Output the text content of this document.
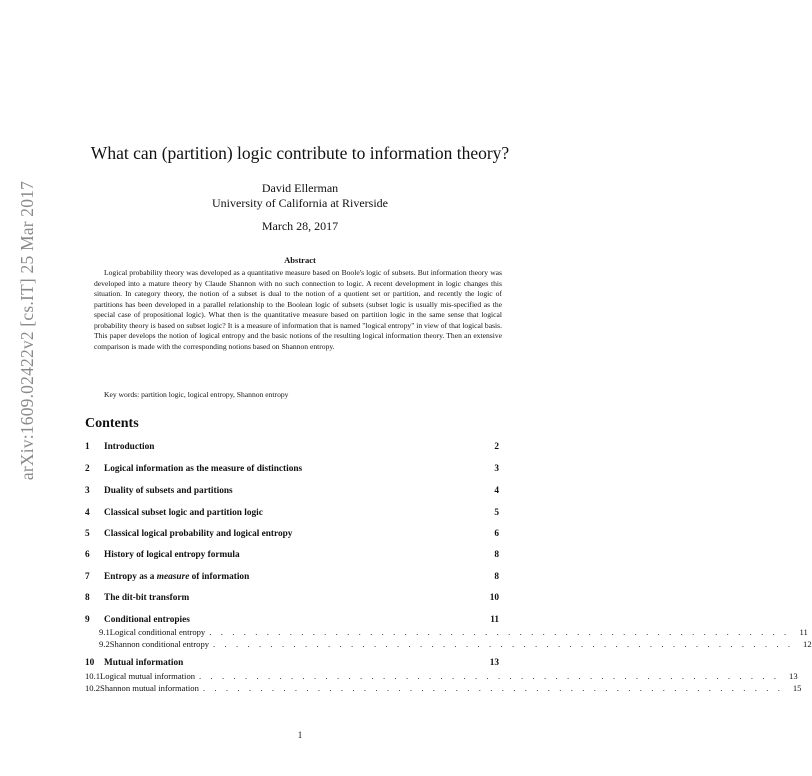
arXiv:1609.02422v2 [cs.IT] 25 Mar 2017
What can (partition) logic contribute to information theory?
David Ellerman
University of California at Riverside
March 28, 2017
Abstract

Logical probability theory was developed as a quantitative measure based on Boole's logic of subsets. But information theory was developed into a mature theory by Claude Shannon with no such connection to logic. A recent development in logic changes this situation. In category theory, the notion of a subset is dual to the notion of a quotient set or partition, and recently the logic of partitions has been developed in a parallel relationship to the Boolean logic of subsets (subset logic is usually mis-specified as the special case of propositional logic). What then is the quantitative measure based on partition logic in the same sense that logical probability theory is based on subset logic? It is a measure of information that is named "logical entropy" in view of that logical basis. This paper develops the notion of logical entropy and the basic notions of the resulting logical information theory. Then an extensive comparison is made with the corresponding notions based on Shannon entropy.

Key words: partition logic, logical entropy, Shannon entropy
Contents
1	Introduction	2
2	Logical information as the measure of distinctions	3
3	Duality of subsets and partitions	4
4	Classical subset logic and partition logic	5
5	Classical logical probability and logical entropy	6
6	History of logical entropy formula	8
7	Entropy as a measure of information	8
8	The dit-bit transform	10
9	Conditional entropies	11
9.1 Logical conditional entropy . . . . . . . . . . . . . . . . . . . . . . . . . . . . . . . . . . . . . . . . . . . . . . . . . . .	11
9.2 Shannon conditional entropy . . . . . . . . . . . . . . . . . . . . . . . . . . . . . . . . . . . . . . . . . . . . . . . . . . .	12
10	Mutual information	13
10.1 Logical mutual information . . . . . . . . . . . . . . . . . . . . . . . . . . . . . . . . . . . . . . . . . . . . . . . . . . .	13
10.2 Shannon mutual information . . . . . . . . . . . . . . . . . . . . . . . . . . . . . . . . . . . . . . . . . . . . . . . . . . .	15
1
